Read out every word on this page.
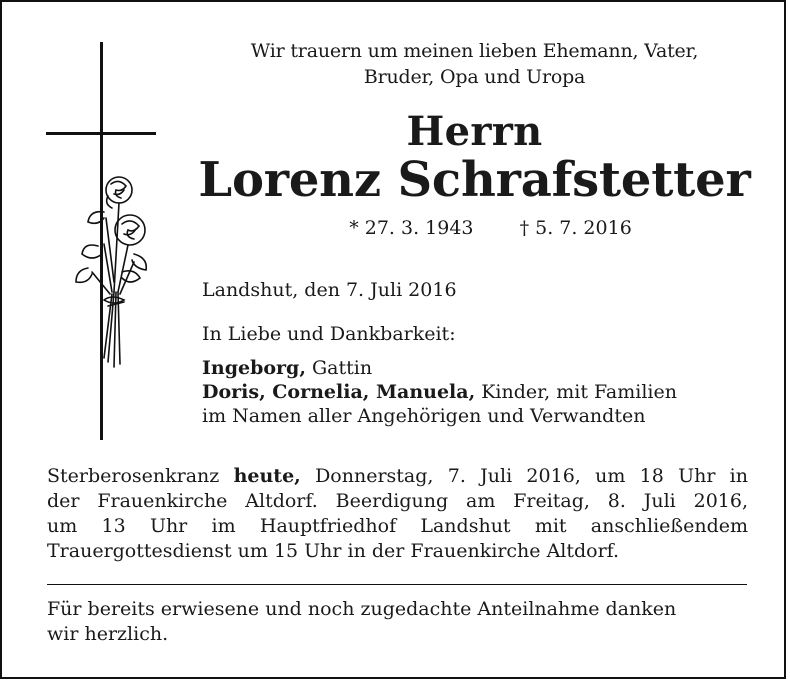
Wir trauern um meinen lieben Ehemann, Vater,
Bruder, Opa und Uropa
Herrn
Lorenz Schrafstetter
* 27. 3. 1943 † 5. 7. 2016

Landshut, den 7. Juli 2016

In Liebe und Dankbarkeit:

Ingeborg, Gattin

Doris, Cornelia, Manuela, Kinder, mit Familien

im Namen aller Angehörigen und Verwandten

Sterberosenkranz heute, Donnerstag, 7. Juli 2016, um 18 Uhr in
der Frauenkirche Altdorf. Beerdigung am Freitag, 8. Juli 2016,
um 13 Uhr im Hauptfriedhof Landshut mit anschließendem
Trauergottesdienst um 15 Uhr in der Frauenkirche Altdorf.
Für bereits erwiesene und noch zugedachte Anteilnahme danken
wir herzlich.
